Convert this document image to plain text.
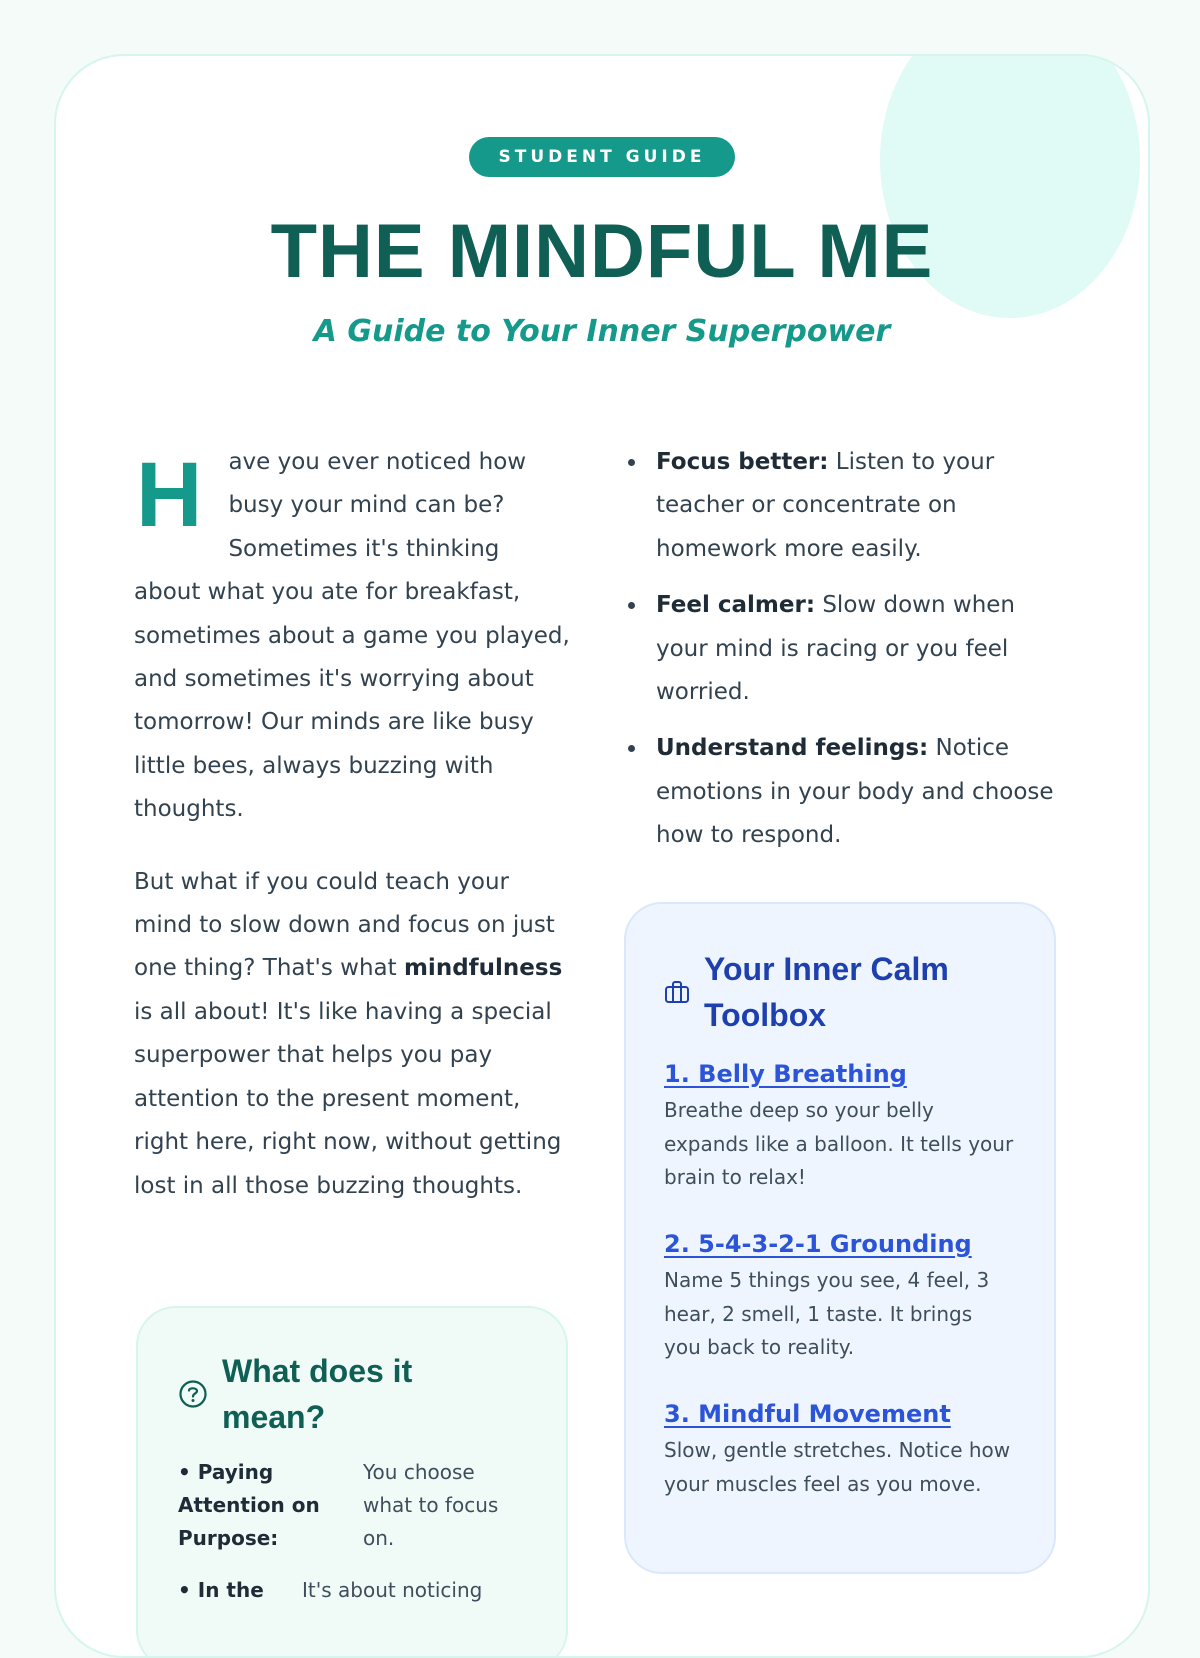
STUDENT GUIDE
THE MINDFUL ME

A Guide to Your Inner Superpower

H ave you ever noticed how busy your mind can be? Sometimes it's thinking about what you ate for breakfast, sometimes about a game you played, and sometimes it's worrying about tomorrow! Our minds are like busy little bees, always buzzing with thoughts.

But what if you could teach your mind to slow down and focus on just one thing? That's what mindfulness is all about! It's like having a special superpower that helps you pay attention to the present moment, right here, right now, without getting lost in all those buzzing thoughts.

Focus better: Listen to your teacher or concentrate on homework more easily.
Feel calmer: Slow down when your mind is racing or you feel worried.
Understand feelings: Notice emotions in your body and choose how to respond.
What does it mean?
• Paying Attention on Purpose:
You choose what to focus on.
• In the	It's about noticing
Your Inner Calm Toolbox
1. Belly Breathing

Breathe deep so your belly expands like a balloon. It tells your brain to relax!

2. 5-4-3-2-1 Grounding

Name 5 things you see, 4 feel, 3 hear, 2 smell, 1 taste. It brings you back to reality.

3. Mindful Movement

Slow, gentle stretches. Notice how your muscles feel as you move.
